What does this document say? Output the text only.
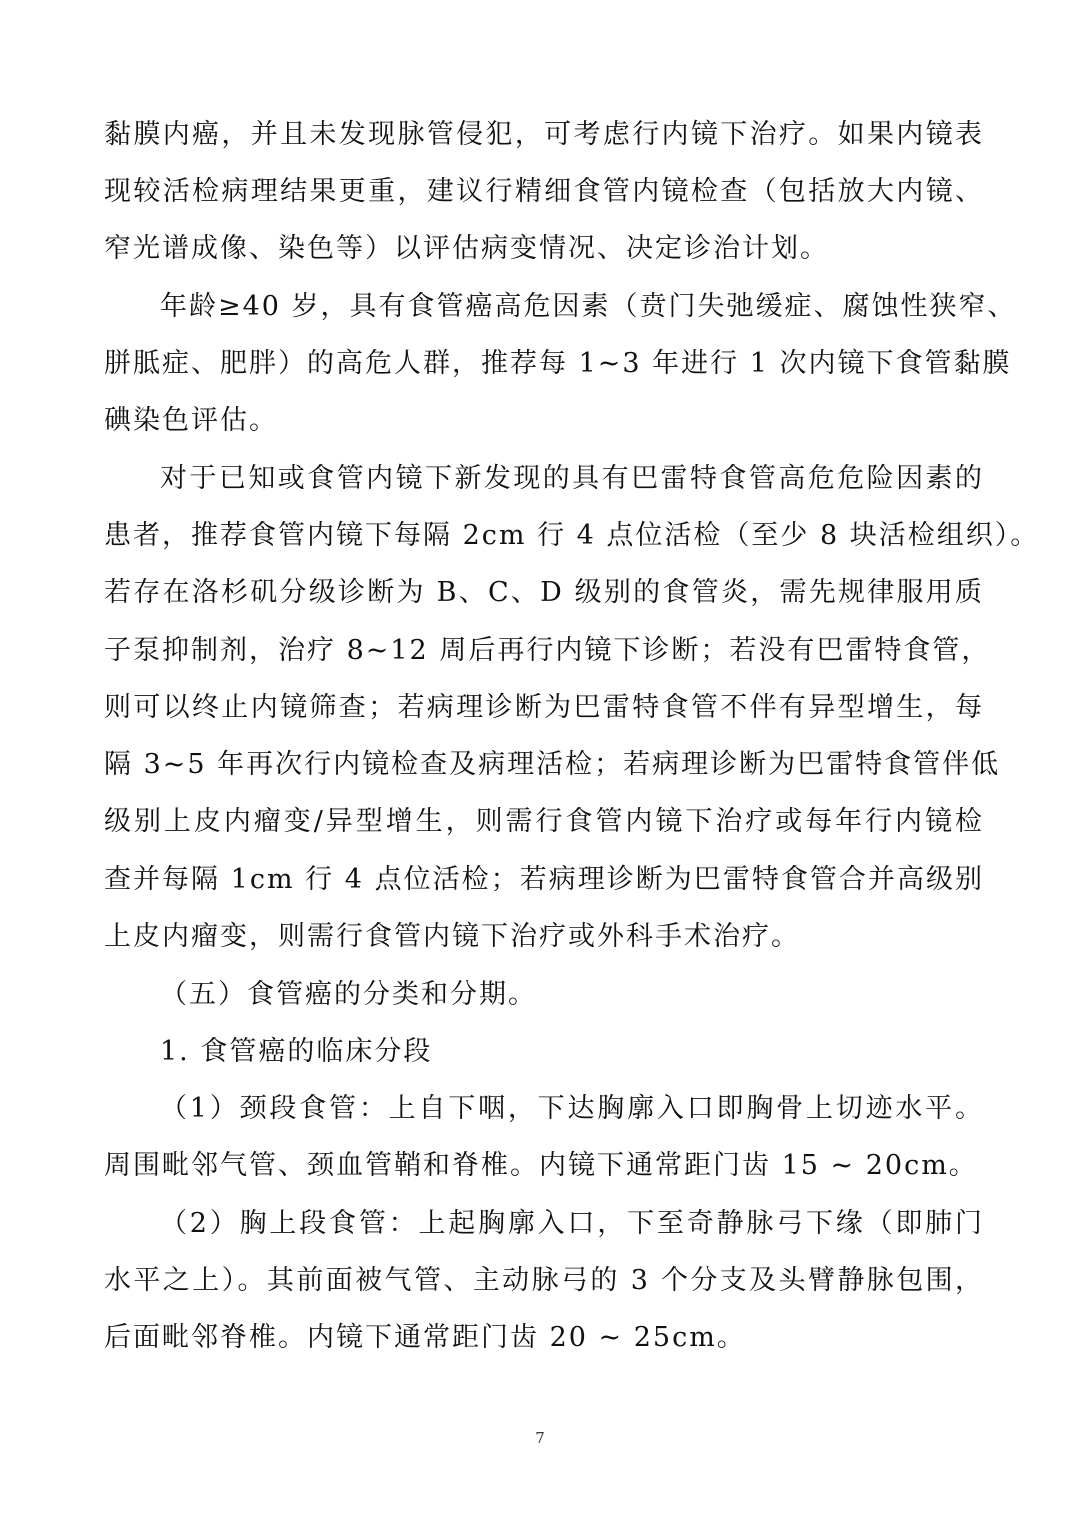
黏膜内癌，并且未发现脉管侵犯，可考虑行内镜下治疗。如果内镜表
现较活检病理结果更重，建议行精细食管内镜检查（包括放大内镜、
窄光谱成像、染色等）以评估病变情况、决定诊治计划。
年龄≥40 岁，具有食管癌高危因素（贲门失弛缓症、腐蚀性狭窄、
胼胝症、肥胖）的高危人群，推荐每 1~3 年进行 1 次内镜下食管黏膜
碘染色评估。
对于已知或食管内镜下新发现的具有巴雷特食管高危危险因素的
患者，推荐食管内镜下每隔 2cm 行 4 点位活检（至少 8 块活检组织）。
若存在洛杉矶分级诊断为 B、C、D 级别的食管炎，需先规律服用质
子泵抑制剂，治疗 8~12 周后再行内镜下诊断；若没有巴雷特食管，
则可以终止内镜筛查；若病理诊断为巴雷特食管不伴有异型增生，每
隔 3~5 年再次行内镜检查及病理活检；若病理诊断为巴雷特食管伴低
级别上皮内瘤变/异型增生，则需行食管内镜下治疗或每年行内镜检
查并每隔 1cm 行 4 点位活检；若病理诊断为巴雷特食管合并高级别
上皮内瘤变，则需行食管内镜下治疗或外科手术治疗。
（五）食管癌的分类和分期。
1. 食管癌的临床分段
（1）颈段食管：上自下咽，下达胸廓入口即胸骨上切迹水平。
周围毗邻气管、颈血管鞘和脊椎。内镜下通常距门齿 15 ~ 20cm。
（2）胸上段食管：上起胸廓入口，下至奇静脉弓下缘（即肺门
水平之上）。其前面被气管、主动脉弓的 3 个分支及头臂静脉包围，
后面毗邻脊椎。内镜下通常距门齿 20 ~ 25cm。
7
